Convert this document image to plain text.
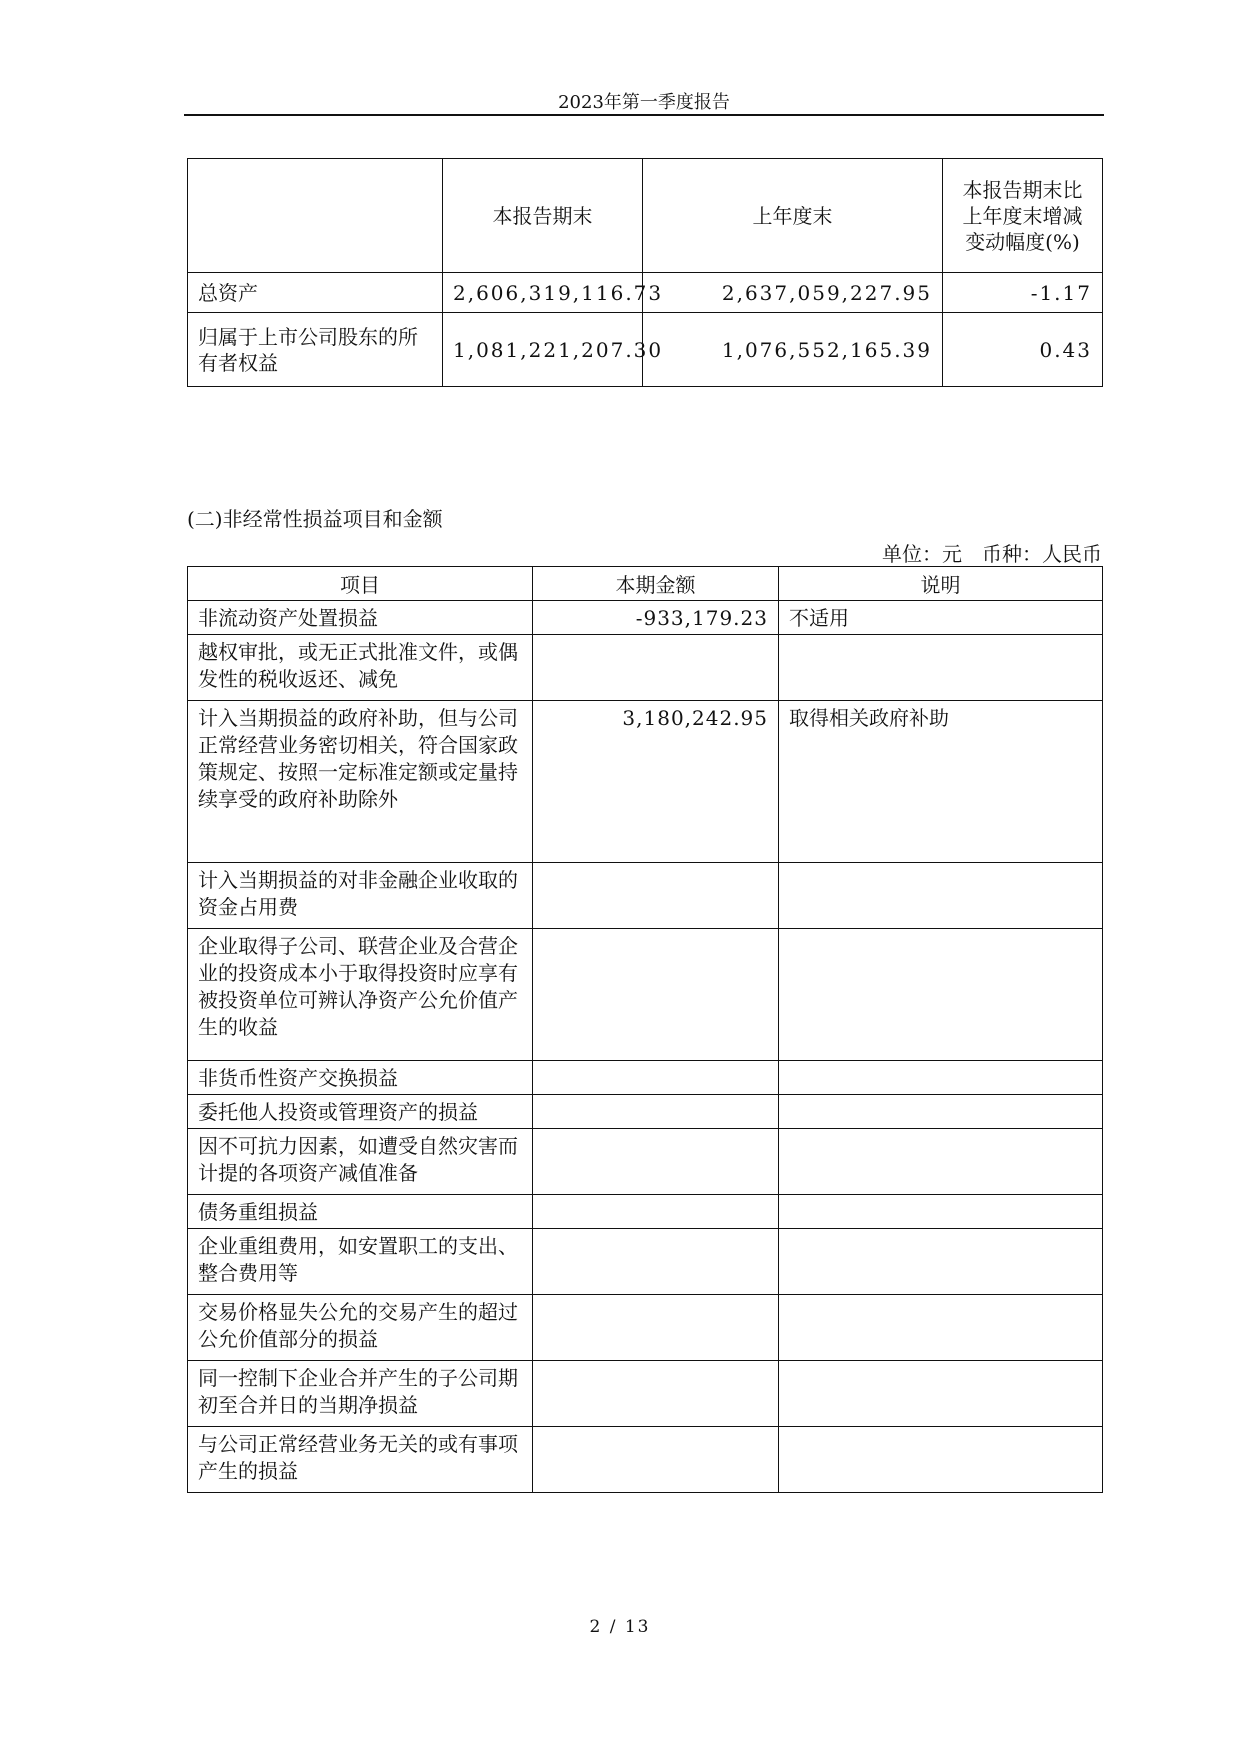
2023年第一季度报告
	本报告期末	上年度末	本报告期末比上年度末增减变动幅度(%)
总资产	2,606,319,116.73	2,637,059,227.95	-1.17
归属于上市公司股东的所有者权益	1,081,221,207.30	1,076,552,165.39	0.43
(二)非经常性损益项目和金额
单位：元　币种：人民币
项目	本期金额	说明
非流动资产处置损益	-933,179.23	不适用
越权审批，或无正式批准文件，或偶发性的税收返还、减免		
计入当期损益的政府补助，但与公司正常经营业务密切相关，符合国家政策规定、按照一定标准定额或定量持续享受的政府补助除外	3,180,242.95	取得相关政府补助
计入当期损益的对非金融企业收取的资金占用费		
企业取得子公司、联营企业及合营企业的投资成本小于取得投资时应享有被投资单位可辨认净资产公允价值产生的收益		
非货币性资产交换损益		
委托他人投资或管理资产的损益		
因不可抗力因素，如遭受自然灾害而计提的各项资产减值准备		
债务重组损益		
企业重组费用，如安置职工的支出、整合费用等		
交易价格显失公允的交易产生的超过公允价值部分的损益		
同一控制下企业合并产生的子公司期初至合并日的当期净损益		
与公司正常经营业务无关的或有事项产生的损益		
2 / 13
